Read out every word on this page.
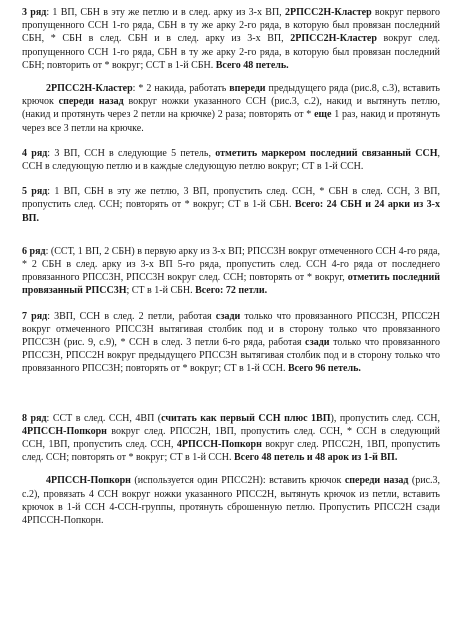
3 ряд: 1 ВП, СБН в эту же петлю и в след. арку из 3-х ВП, 2РПСС2Н-Кластер вокруг первого пропущенного ССН 1-го ряда, СБН в ту же арку 2-го ряда, в которую был провязан последний СБН, * СБН в след. СБН и в след. арку из 3-х ВП, 2РПСС2Н-Кластер вокруг след. пропущенного ССН 1-го ряда, СБН в ту же арку 2-го ряда, в которую был провязан последний СБН; повторить от * вокруг; ССТ в 1-й СБН. Всего 48 петель.

2РПСС2Н-Кластер: * 2 накида, работать впереди предыдущего ряда (рис.8, с.3), вставить крючок спереди назад вокруг ножки указанного ССН (рис.3, с.2), накид и вытянуть петлю, (накид и протянуть через 2 петли на крючке) 2 раза; повторять от * еще 1 раз, накид и протянуть через все 3 петли на крючке.

4 ряд: 3 ВП, ССН в следующие 5 петель, отметить маркером последний связанный ССН, ССН в следующую петлю и в каждые следующую петлю вокруг; СТ в 1-й ССН.

5 ряд: 1 ВП, СБН в эту же петлю, 3 ВП, пропустить след. ССН, * СБН в след. ССН, 3 ВП, пропустить след. ССН; повторять от * вокруг; СТ в 1-й СБН. Всего: 24 СБН и 24 арки из 3-х ВП.

6 ряд: (ССТ, 1 ВП, 2 СБН) в первую арку из 3-х ВП; РПСС3Н вокруг отмеченного ССН 4-го ряда, * 2 СБН в след. арку из 3-х ВП 5-го ряда, пропустить след. ССН 4-го ряда от последнего провязанного РПСС3Н, РПСС3Н вокруг след. ССН; повторять от * вокруг, отметить последний провязанный РПСС3Н; СТ в 1-й СБН. Всего: 72 петли.

7 ряд: 3ВП, ССН в след. 2 петли, работая сзади только что провязанного РПСС3Н, РПСС2Н вокруг отмеченного РПСС3Н вытягивая столбик под и в сторону только что провязанного РПСС3Н (рис. 9, с.9), * ССН в след. 3 петли 6-го ряда, работая сзади только что провязанного РПСС3Н, РПСС2Н вокруг предыдущего РПСС3Н вытягивая столбик под и в сторону только что провязанного РПСС3Н; повторять от * вокруг; СТ в 1-й ССН. Всего 96 петель.

8 ряд: ССТ в след. ССН, 4ВП (считать как первый ССН плюс 1ВП), пропустить след. ССН, 4РПССН-Попкорн вокруг след. РПСС2Н, 1ВП, пропустить след. ССН, * ССН в следующий ССН, 1ВП, пропустить след. ССН, 4РПССН-Попкорн вокруг след. РПСС2Н, 1ВП, пропустить след. ССН; повторять от * вокруг; СТ в 1-й ССН. Всего 48 петель и 48 арок из 1-й ВП.

4РПССН-Попкорн (используется один РПСС2Н): вставить крючок спереди назад (рис.3, с.2), провязать 4 ССН вокруг ножки указанного РПСС2Н, вытянуть крючок из петли, вставить крючок в 1-й ССН 4-ССН-группы, протянуть сброшенную петлю. Пропустить РПСС2Н сзади 4РПССН-Попкорн.
